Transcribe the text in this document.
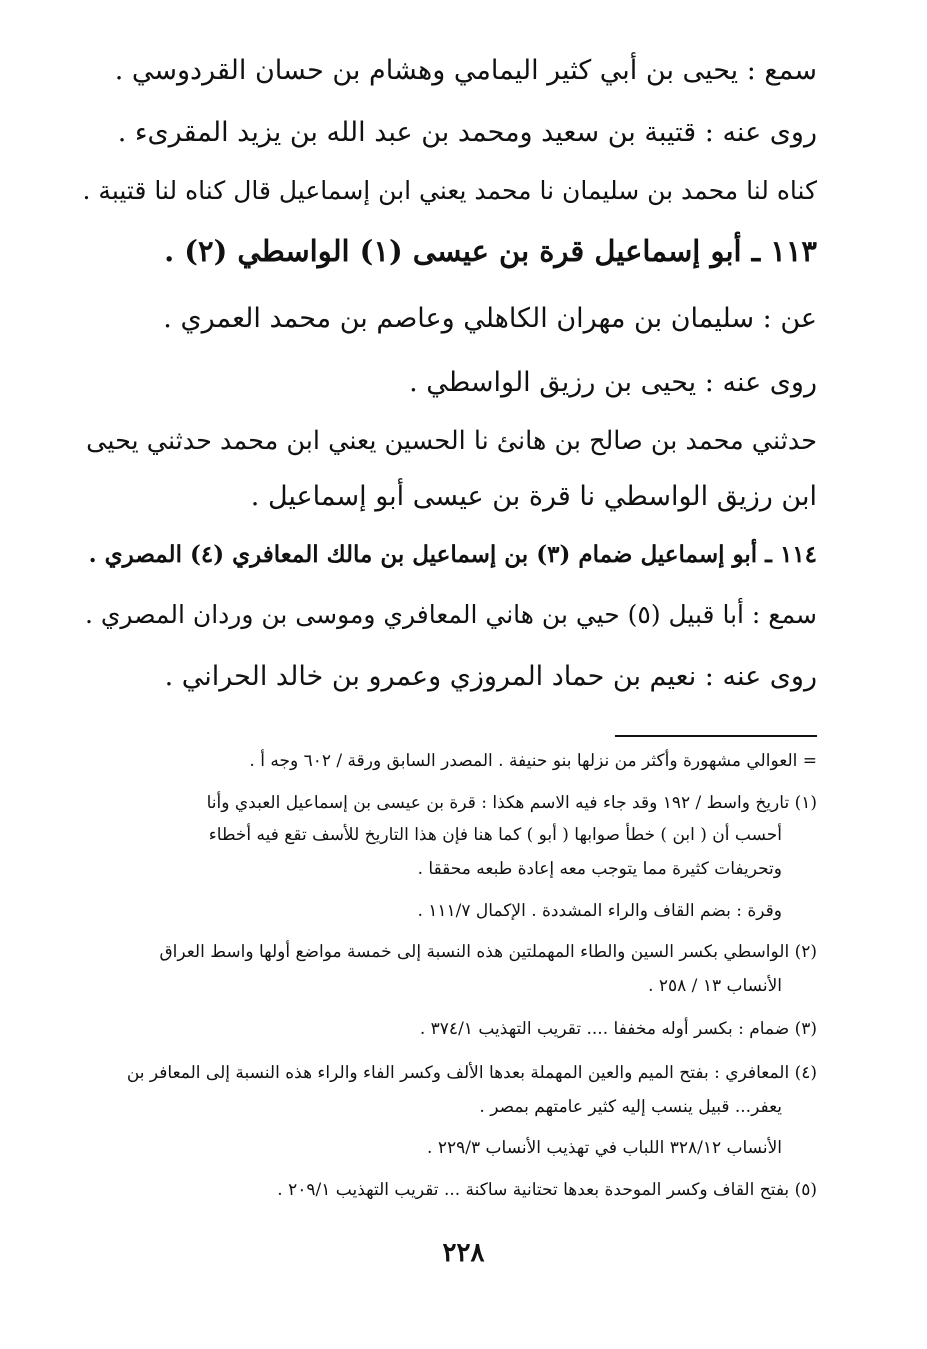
سمع : يحيى بن أبي كثير اليمامي وهشام بن حسان القردوسي .
روى عنه : قتيبة بن سعيد ومحمد بن عبد الله بن يزيد المقرىء .
كناه لنا محمد بن سليمان نا محمد يعني ابن إسماعيل قال كناه لنا قتيبة .
١١٣ ـ أبو إسماعيل قرة بن عيسى (١) الواسطي (٢) .
عن : سليمان بن مهران الكاهلي وعاصم بن محمد العمري .
روى عنه : يحيى بن رزيق الواسطي .
حدثني محمد بن صالح بن هانئ نا الحسين يعني ابن محمد حدثني يحيى
ابن رزيق الواسطي نا قرة بن عيسى أبو إسماعيل .
١١٤ ـ أبو إسماعيل ضمام (٣) بن إسماعيل بن مالك المعافري (٤) المصري .
سمع : أبا قبيل (٥) حيي بن هاني المعافري وموسى بن وردان المصري .
روى عنه : نعيم بن حماد المروزي وعمرو بن خالد الحراني .
= العوالي مشهورة وأكثر من نزلها بنو حنيفة . المصدر السابق ورقة / ٦٠٢ وجه أ .
(١) تاريخ واسط / ١٩٢ وقد جاء فيه الاسم هكذا : قرة بن عيسى بن إسماعيل العبدي وأنا
أحسب أن ( ابن ) خطأ صوابها ( أبو ) كما هنا فإن هذا التاريخ للأسف تقع فيه أخطاء
وتحريفات كثيرة مما يتوجب معه إعادة طبعه محققا .
وقرة : بضم القاف والراء المشددة . الإكمال ١١١/٧ .
(٢) الواسطي بكسر السين والطاء المهملتين هذه النسبة إلى خمسة مواضع أولها واسط العراق
الأنساب ١٣ / ٢٥٨ .
(٣) ضمام : بكسر أوله مخففا .... تقريب التهذيب ٣٧٤/١ .
(٤) المعافري : بفتح الميم والعين المهملة بعدها الألف وكسر الفاء والراء هذه النسبة إلى المعافر بن
يعفر... قبيل ينسب إليه كثير عامتهم بمصر .
الأنساب ٣٢٨/١٢ اللباب في تهذيب الأنساب ٢٢٩/٣ .
(٥) بفتح القاف وكسر الموحدة بعدها تحتانية ساكنة ... تقريب التهذيب ٢٠٩/١ .
٢٢٨
